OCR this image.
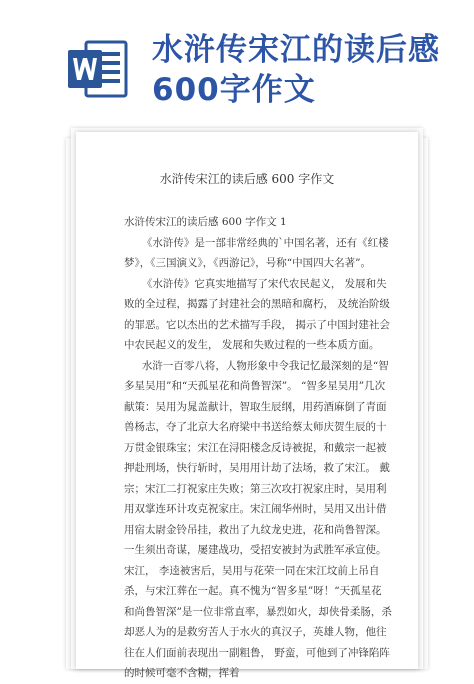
水浒传宋江的读后感600字作文
水浒传宋江的读后感 600 字作文

水浒传宋江的读后感 600 字作文 1

《水浒传》是一部非常经典的`中国名著，还有《红楼梦》，《三国演义》，《西游记》，号称“中国四大名著”。

《水浒传》它真实地描写了宋代农民起义， 发展和失败的全过程，揭露了封建社会的黑暗和腐朽， 及统治阶级的罪恶。它以杰出的艺术描写手段， 揭示了中国封建社会中农民起义的发生， 发展和失败过程的一些本质方面。

水浒一百零八将，人物形象中令我记忆最深刻的是“智多星吴用”和“天孤星花和尚鲁智深”。 “智多星吴用”几次献策：吴用为晁盖献计，智取生辰纲，用药酒麻倒了青面兽杨志，夺了北京大名府梁中书送给蔡太师庆贺生辰的十万贯金银珠宝；宋江在浔阳楼念反诗被捉，和戴宗一起被押赴刑场，快行斩时，吴用用计劫了法场，救了宋江。 戴宗；宋江二打祝家庄失败；第三次攻打祝家庄时，吴用利用双掌连环计攻克祝家庄。宋江闹华州时，吴用又出计借用宿太尉金铃吊挂，救出了九纹龙史进，花和尚鲁智深。一生须出奇谋，屡建战功，受招安被封为武胜军承宣使。宋江， 李逵被害后，吴用与花荣一同在宋江坟前上吊自杀，与宋江葬在一起。真不愧为“智多星”呀！“天孤星花和尚鲁智深”是一位非常直率，暴烈如火，却侠骨柔肠，杀却恶人为的是救穷苦人于水火的真汉子，英雄人物，他往往在人们面前表现出一副粗鲁， 野蛮，可他到了冲锋陷阵的时候可毫不含糊，挥着
